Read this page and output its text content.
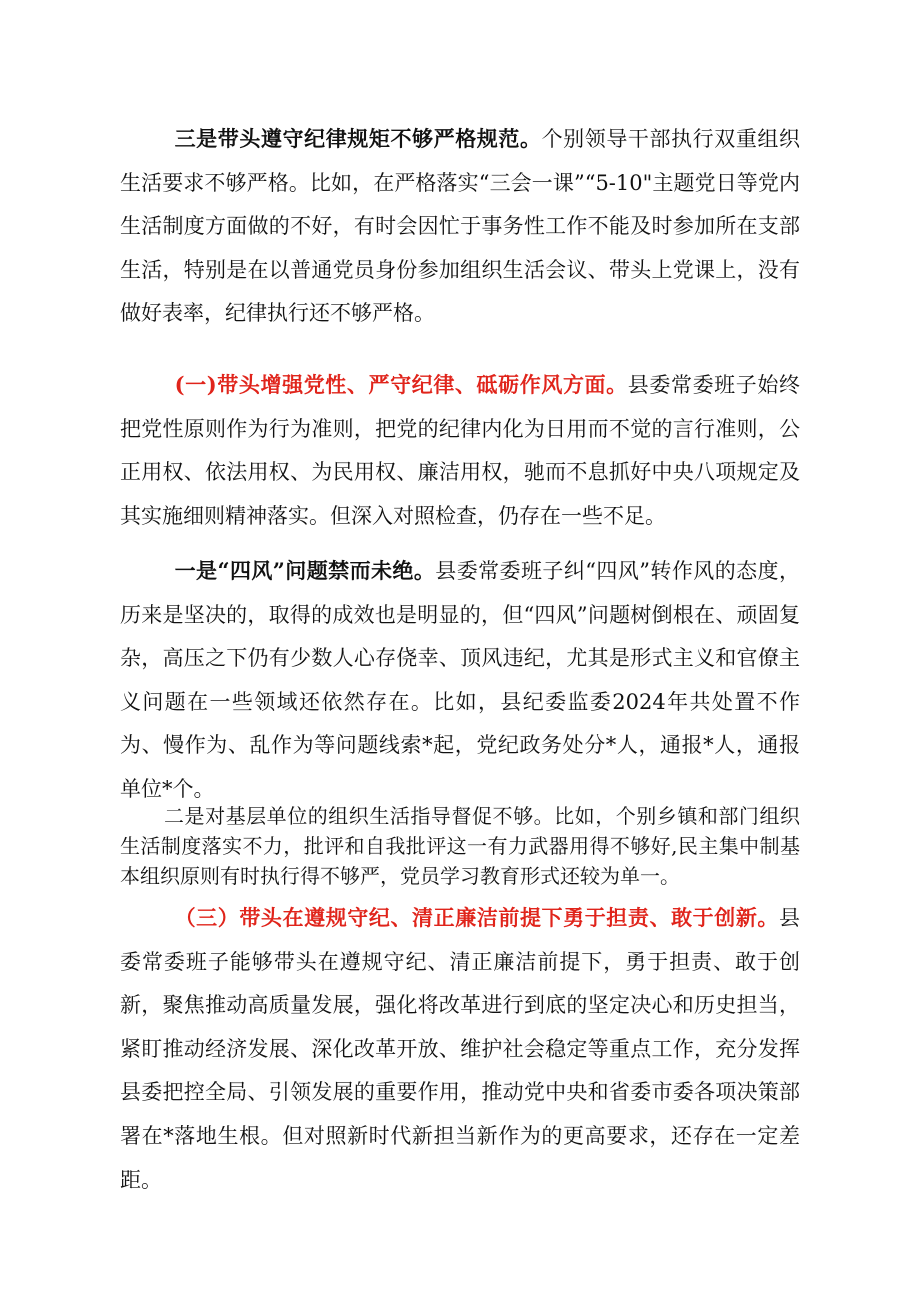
三是带头遵守纪律规矩不够严格规范。个别领导干部执行双重组织生活要求不够严格。比如，在严格落实“三会一课”“5-10"主题党日等党内生活制度方面做的不好，有时会因忙于事务性工作不能及时参加所在支部生活，特别是在以普通党员身份参加组织生活会议、带头上党课上，没有做好表率，纪律执行还不够严格。

(一)带头增强党性、严守纪律、砥砺作风方面。县委常委班子始终把党性原则作为行为准则，把党的纪律内化为日用而不觉的言行准则，公正用权、依法用权、为民用权、廉洁用权，驰而不息抓好中央八项规定及其实施细则精神落实。但深入对照检查，仍存在一些不足。

一是“四风”问题禁而未绝。县委常委班子纠“四风”转作风的态度，历来是坚决的，取得的成效也是明显的，但“四风”问题树倒根在、顽固复杂，高压之下仍有少数人心存侥幸、顶风违纪，尤其是形式主义和官僚主义问题在一些领域还依然存在。比如，县纪委监委2024年共处置不作为、慢作为、乱作为等问题线索*起，党纪政务处分*人，通报*人，通报单位*个。

二是对基层单位的组织生活指导督促不够。比如，个别乡镇和部门组织生活制度落实不力，批评和自我批评这一有力武器用得不够好,民主集中制基本组织原则有时执行得不够严，党员学习教育形式还较为单一。

（三）带头在遵规守纪、清正廉洁前提下勇于担责、敢于创新。县委常委班子能够带头在遵规守纪、清正廉洁前提下，勇于担责、敢于创新，聚焦推动高质量发展，强化将改革进行到底的坚定决心和历史担当，紧盯推动经济发展、深化改革开放、维护社会稳定等重点工作，充分发挥县委把控全局、引领发展的重要作用，推动党中央和省委市委各项决策部署在*落地生根。但对照新时代新担当新作为的更高要求，还存在一定差距。
